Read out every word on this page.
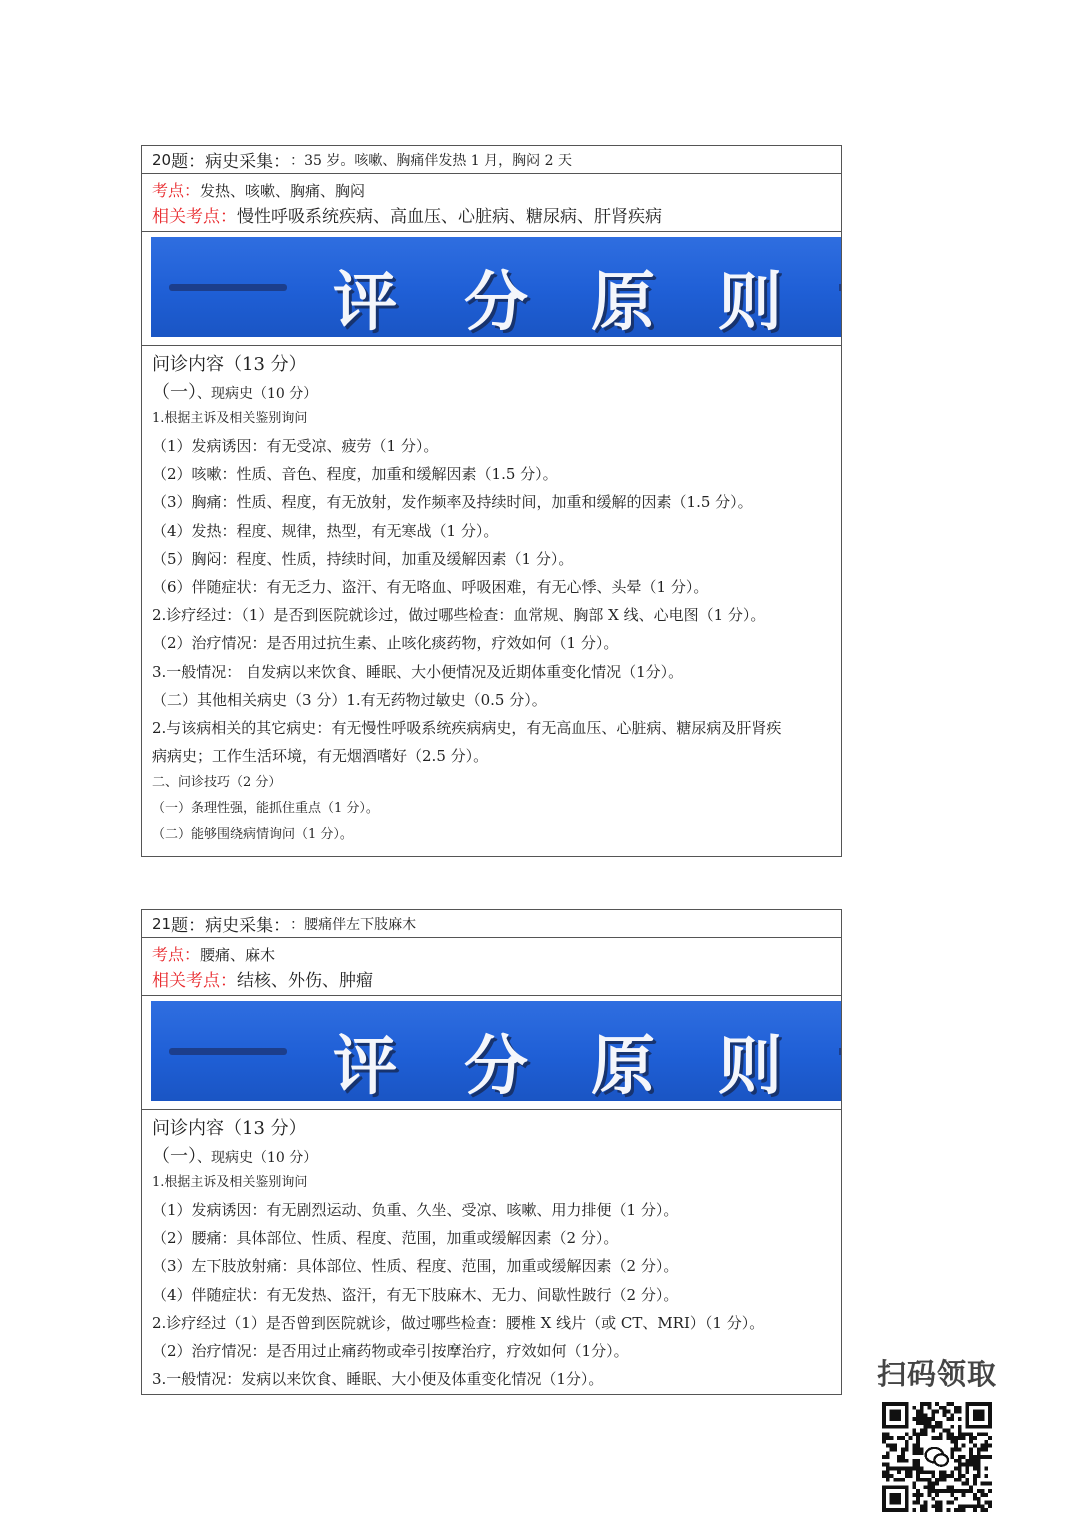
20 题：病史采集： ：35 岁。咳嗽、胸痛伴发热 1 月，胸闷 2 天
考点：发热、咳嗽、胸痛、胸闷
相关考点：慢性呼吸系统疾病、高血压、心脏病、糖尿病、肝肾疾病
评 分 原 则
问诊内容（13 分）
（一）、现病史（10 分）
1.根据主诉及相关鉴别询问
（1）发病诱因：有无受凉、疲劳（1 分）。
（2）咳嗽：性质、音色、程度，加重和缓解因素（1.5 分）。
（3）胸痛：性质、程度，有无放射，发作频率及持续时间，加重和缓解的因素（1.5 分）。
（4）发热：程度、规律，热型，有无寒战（1 分）。
（5）胸闷：程度、性质，持续时间，加重及缓解因素（1 分）。
（6）伴随症状：有无乏力、盗汗、有无咯血、呼吸困难，有无心悸、头晕（1 分）。
2.诊疗经过：（1）是否到医院就诊过，做过哪些检查：血常规、胸部 X 线、心电图（1 分）。
（2）治疗情况：是否用过抗生素、止咳化痰药物，疗效如何（1 分）。
3.一般情况： 自发病以来饮食、睡眠、大小便情况及近期体重变化情况（1分）。
（二）其他相关病史（3 分）1.有无药物过敏史（0.5 分）。
2.与该病相关的其它病史：有无慢性呼吸系统疾病病史，有无高血压、心脏病、糖尿病及肝肾疾
病病史；工作生活环境，有无烟酒嗜好（2.5 分）。
二、问诊技巧（2 分）
（一）条理性强，能抓住重点（1 分）。
（二）能够围绕病情询问（1 分）。
21 题：病史采集： ：腰痛伴左下肢麻木
考点：腰痛、麻木
相关考点：结核、外伤、肿瘤
评 分 原 则
问诊内容（13 分）
（一）、现病史（10 分）
1.根据主诉及相关鉴别询问
（1）发病诱因：有无剧烈运动、负重、久坐、受凉、咳嗽、用力排便（1 分）。
（2）腰痛：具体部位、性质、程度、范围，加重或缓解因素（2 分）。
（3）左下肢放射痛：具体部位、性质、程度、范围，加重或缓解因素（2 分）。
（4）伴随症状：有无发热、盗汗，有无下肢麻木、无力、间歇性跛行（2 分）。
2.诊疗经过（1）是否曾到医院就诊，做过哪些检查：腰椎 X 线片（或 CT、MRI）（1 分）。
（2）治疗情况：是否用过止痛药物或牵引按摩治疗，疗效如何（1分）。
3.一般情况：发病以来饮食、睡眠、大小便及体重变化情况（1分）。	扫码领取
